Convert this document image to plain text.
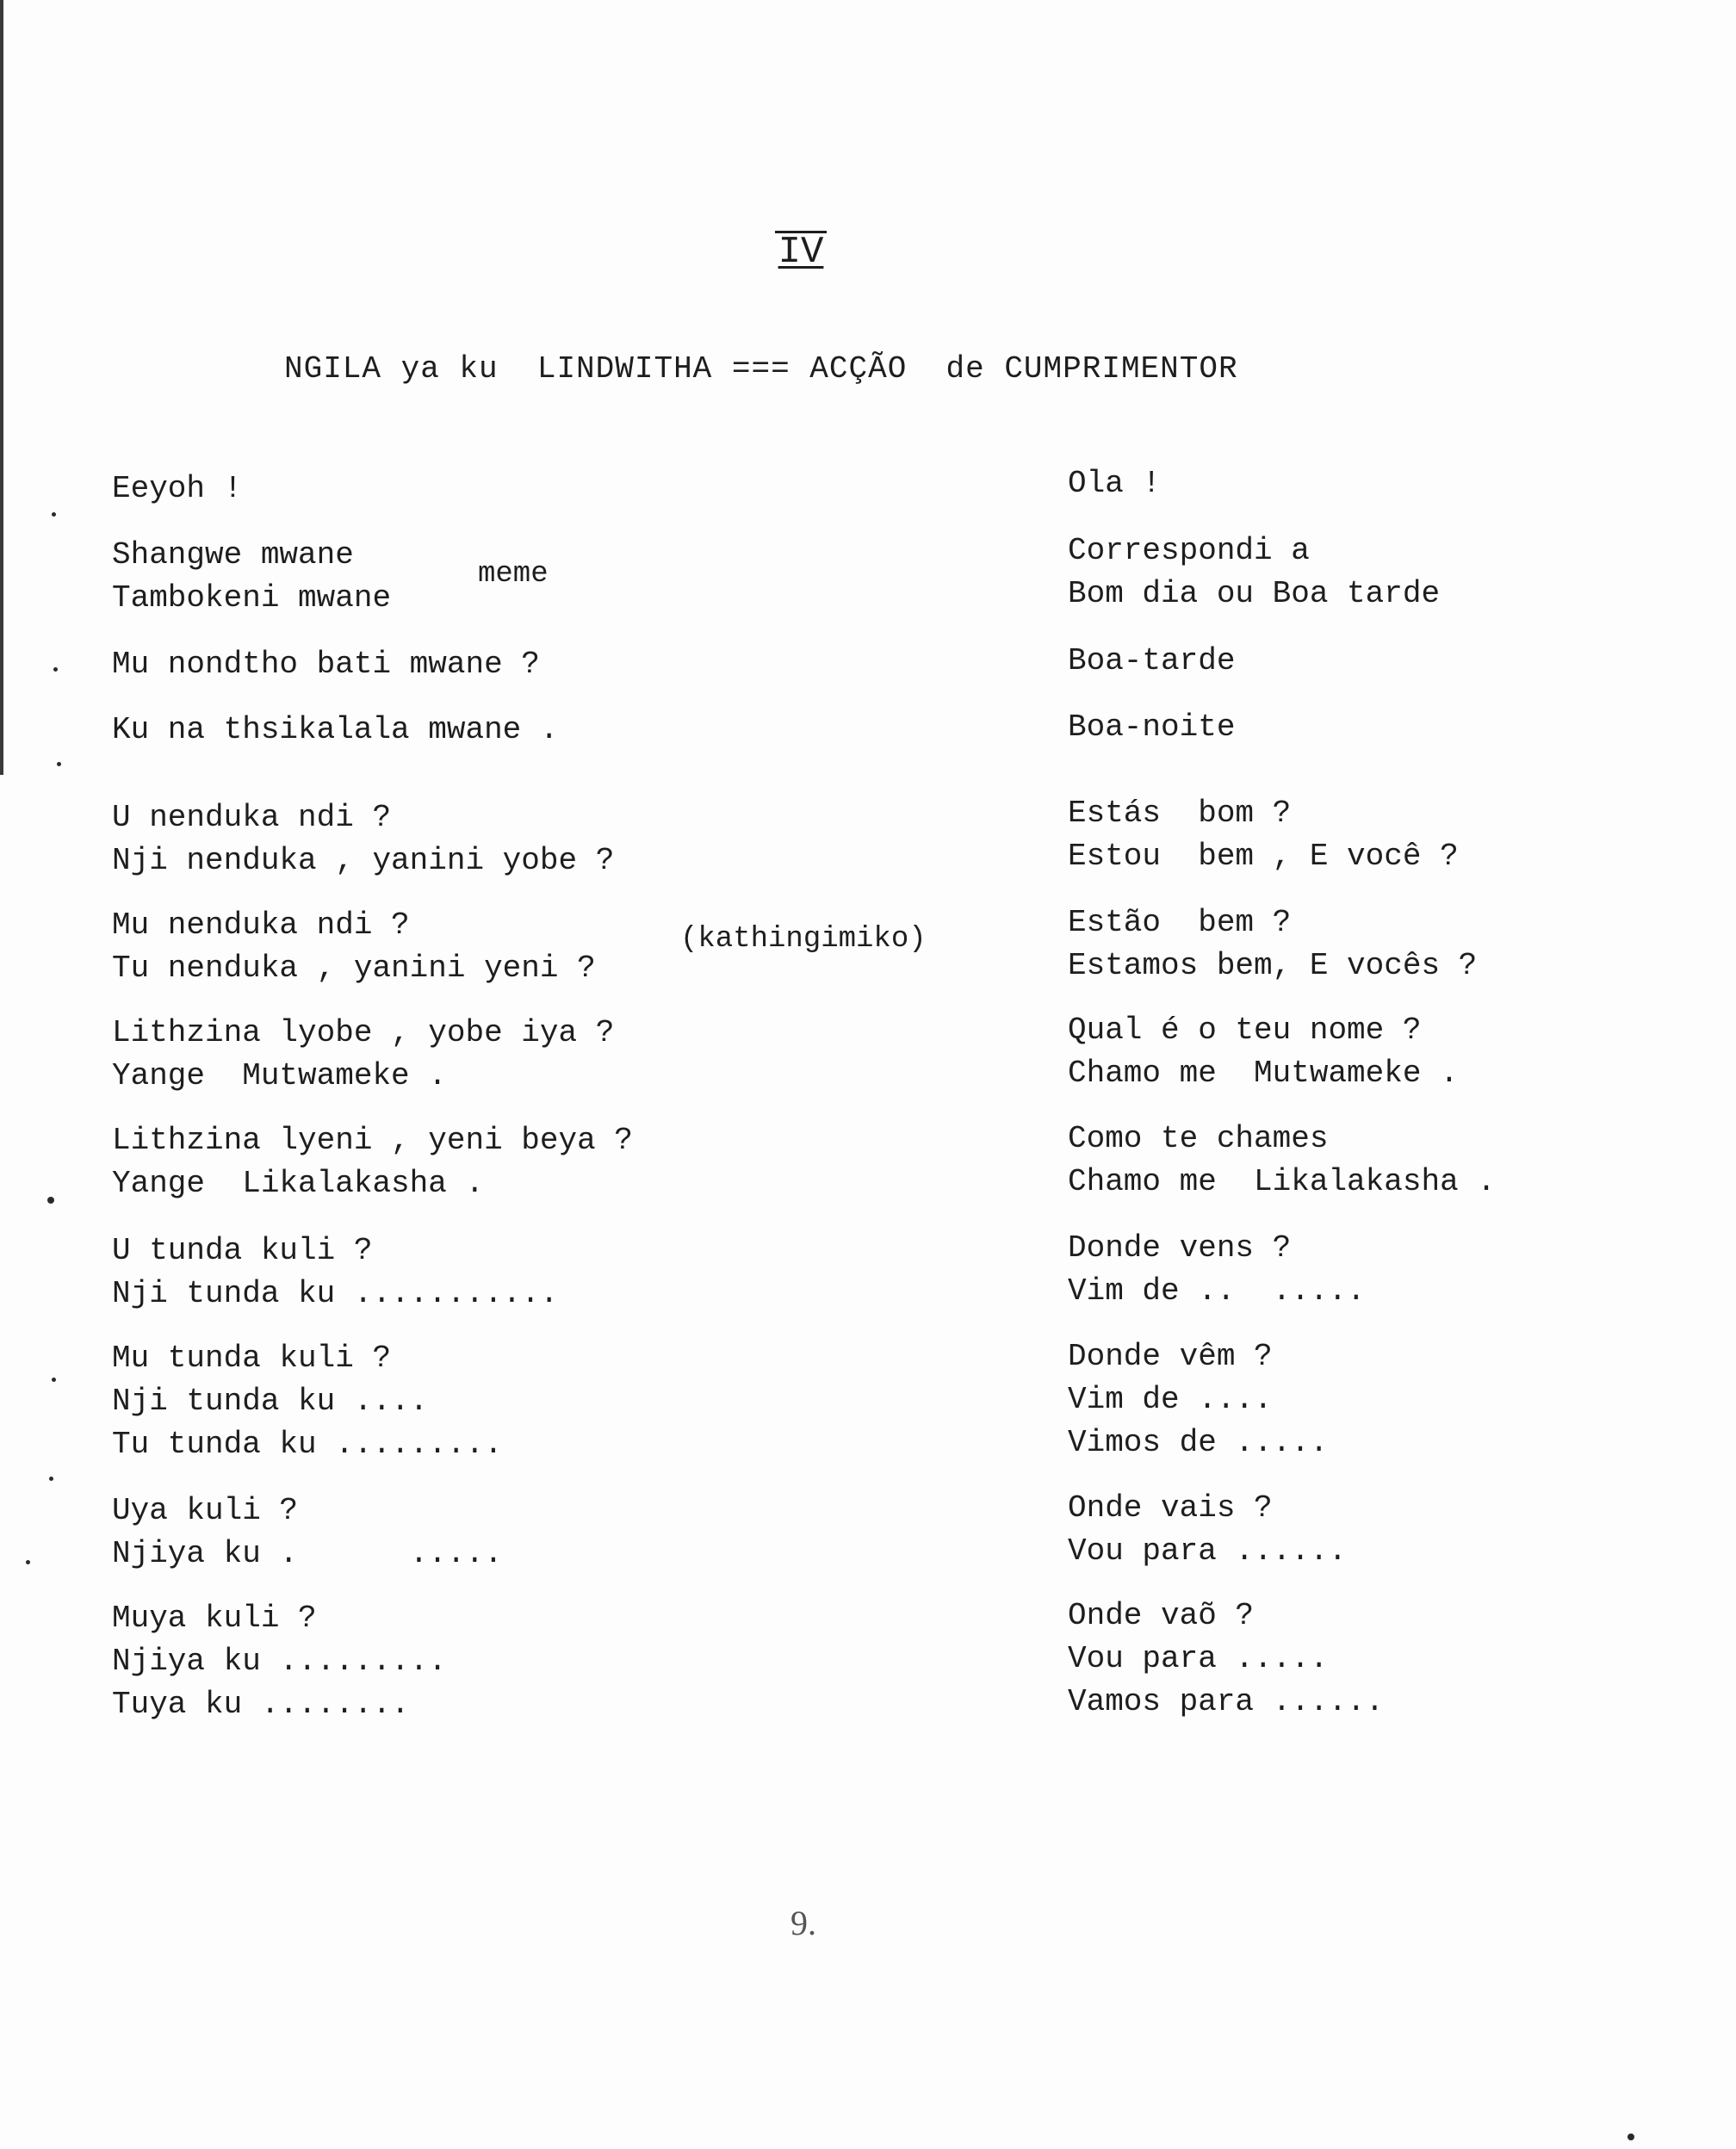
IV
NGILA ya ku  LINDWITHA === ACÇÃO  de CUMPRIMENTOR
Eeyoh !
Shangwe mwane
Tambokeni mwane
meme
Mu nondtho bati mwane ?
Ku na thsikalala mwane .
U nenduka ndi ?
Nji nenduka , yanini yobe ?
Mu nenduka ndi ?
Tu nenduka , yanini yeni ?
(kathingimiko)
Lithzina lyobe , yobe iya ?
Yange  Mutwameke .
Lithzina lyeni , yeni beya ?
Yange  Likalakasha .
U tunda kuli ?
Nji tunda ku ...........
Mu tunda kuli ?
Nji tunda ku ....
Tu tunda ku .........
Uya kuli ?
Njiya ku .      .....
Muya kuli ?
Njiya ku .........
Tuya ku ........
Ola !
Correspondi a
Bom dia ou Boa tarde
Boa-tarde
Boa-noite
Estás  bom ?
Estou  bem , E você ?
Estão  bem ?
Estamos bem, E vocês ?
Qual é o teu nome ?
Chamo me  Mutwameke .
Como te chames
Chamo me  Likalakasha .
Donde vens ?
Vim de ..  .....
Donde vêm ?
Vim de ....
Vimos de .....
Onde vais ?
Vou para ......
Onde vaõ ?
Vou para .....
Vamos para ......
9.
